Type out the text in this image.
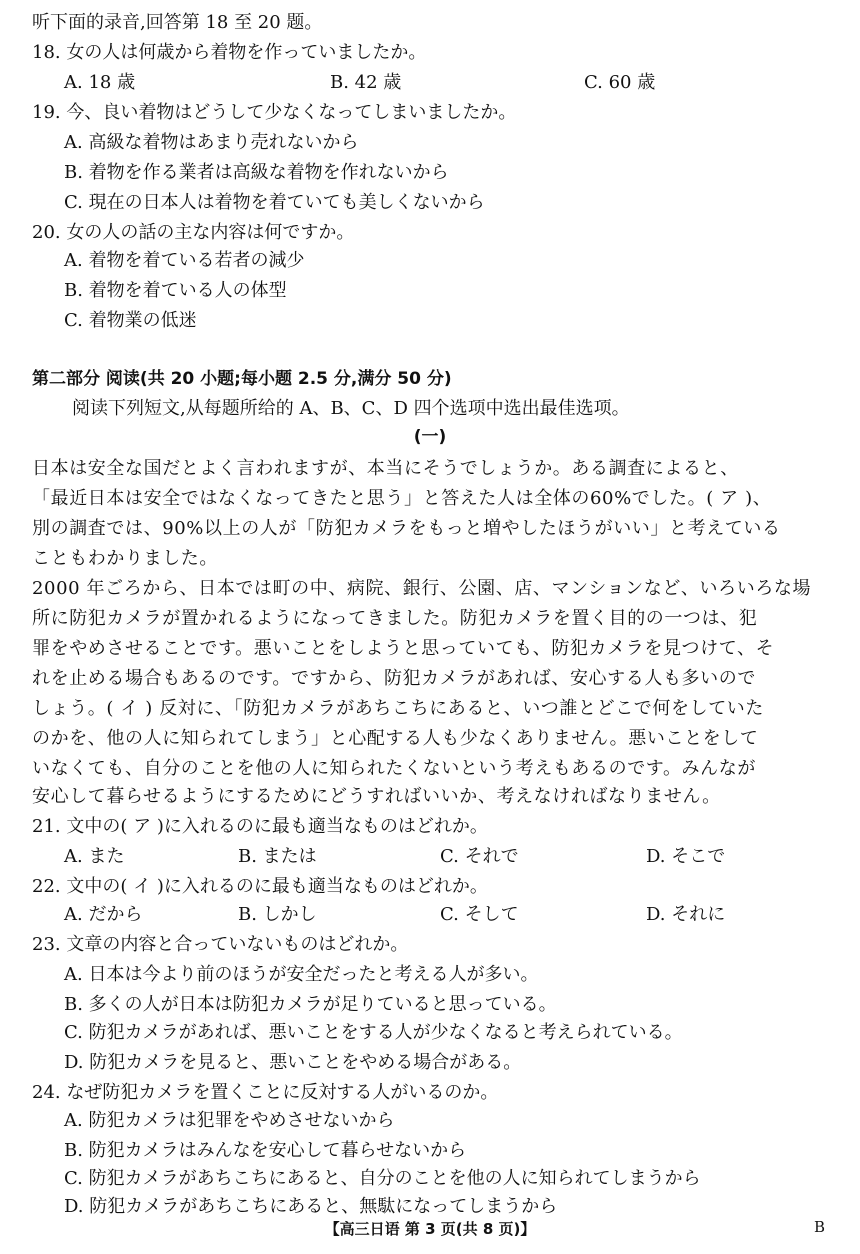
听下面的录音,回答第 18 至 20 题。
18. 女の人は何歳から着物を作っていましたか。
A. 18 歳	B. 42 歳	C. 60 歳
19. 今、良い着物はどうして少なくなってしまいましたか。
A. 高級な着物はあまり売れないから
B. 着物を作る業者は高級な着物を作れないから
C. 現在の日本人は着物を着ていても美しくないから
20. 女の人の話の主な内容は何ですか。
A. 着物を着ている若者の減少
B. 着物を着ている人の体型
C. 着物業の低迷
第二部分 阅读(共 20 小题;每小题 2.5 分,满分 50 分)
阅读下列短文,从每题所给的 A、B、C、D 四个选项中选出最佳选项。
(一)
日本は安全な国だとよく言われますが、本当にそうでしょうか。ある調査によると、
「最近日本は安全ではなくなってきたと思う」と答えた人は全体の60%でした。( ア )、
別の調査では、90%以上の人が「防犯カメラをもっと増やしたほうがいい」と考えている
こともわかりました。
2000 年ごろから、日本では町の中、病院、銀行、公園、店、マンションなど、いろいろな場
所に防犯カメラが置かれるようになってきました。防犯カメラを置く目的の一つは、犯
罪をやめさせることです。悪いことをしようと思っていても、防犯カメラを見つけて、そ
れを止める場合もあるのです。ですから、防犯カメラがあれば、安心する人も多いので
しょう。( イ ) 反対に、「防犯カメラがあちこちにあると、いつ誰とどこで何をしていた
のかを、他の人に知られてしまう」と心配する人も少なくありません。悪いことをして
いなくても、自分のことを他の人に知られたくないという考えもあるのです。みんなが
安心して暮らせるようにするためにどうすればいいか、考えなければなりません。
21. 文中の( ア )に入れるのに最も適当なものはどれか。
A. また	B. または	C. それで	D. そこで
22. 文中の( イ )に入れるのに最も適当なものはどれか。
A. だから	B. しかし	C. そして	D. それに
23. 文章の内容と合っていないものはどれか。
A. 日本は今より前のほうが安全だったと考える人が多い。
B. 多くの人が日本は防犯カメラが足りていると思っている。
C. 防犯カメラがあれば、悪いことをする人が少なくなると考えられている。
D. 防犯カメラを見ると、悪いことをやめる場合がある。
24. なぜ防犯カメラを置くことに反対する人がいるのか。
A. 防犯カメラは犯罪をやめさせないから
B. 防犯カメラはみんなを安心して暮らせないから
C. 防犯カメラがあちこちにあると、自分のことを他の人に知られてしまうから
D. 防犯カメラがあちこちにあると、無駄になってしまうから
【高三日语 第 3 页(共 8 页)】	B
